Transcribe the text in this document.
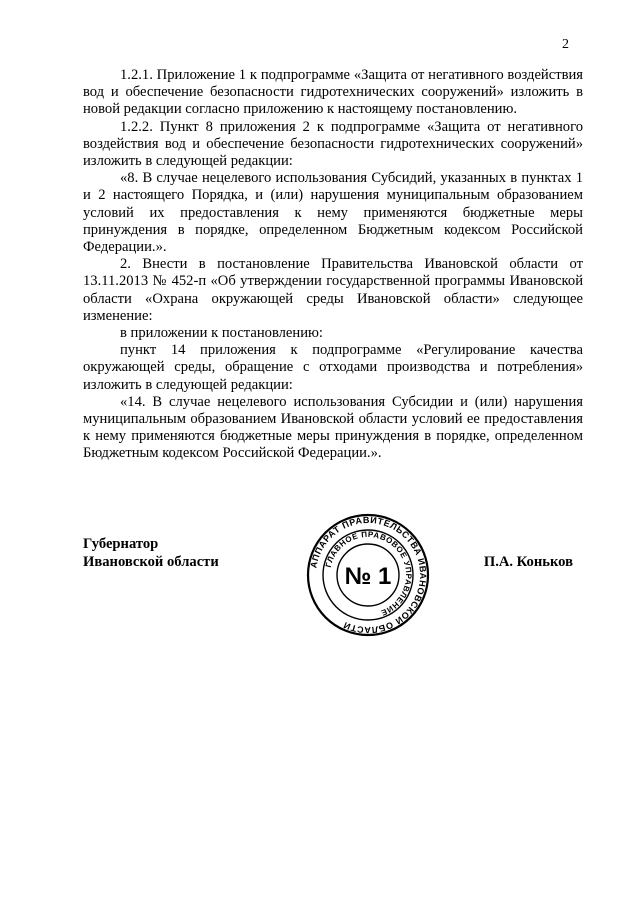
2

1.2.1. Приложение 1 к подпрограмме «Защита от негативного воздействия вод и обеспечение безопасности гидротехнических сооружений» изложить в новой редакции согласно приложению к настоящему постановлению.

1.2.2. Пункт 8 приложения 2 к подпрограмме «Защита от негативного воздействия вод и обеспечение безопасности гидротехнических сооружений» изложить в следующей редакции:

«8. В случае нецелевого использования Субсидий, указанных в пунктах 1 и 2 настоящего Порядка, и (или) нарушения муниципальным образованием условий их предоставления к нему применяются бюджетные меры принуждения в порядке, определенном Бюджетным кодексом Российской Федерации.».

2. Внести в постановление Правительства Ивановской области от 13.11.2013 № 452-п «Об утверждении государственной программы Ивановской области «Охрана окружающей среды Ивановской области» следующее изменение:

в приложении к постановлению:

пункт 14 приложения к подпрограмме «Регулирование качества окружающей среды, обращение с отходами производства и потребления» изложить в следующей редакции:

«14. В случае нецелевого использования Субсидии и (или) нарушения муниципальным образованием Ивановской области условий ее предоставления к нему применяются бюджетные меры принуждения в порядке, определенном Бюджетным кодексом Российской Федерации.».

Губернатор
Ивановской области	АППАРАТ ПРАВИТЕЛЬСТВА ИВАНОВСКОЙ ОБЛАСТИ
ГЛАВНОЕ ПРАВОВОЕ УПРАВЛЕНИЕ
№ 1
П.А. Коньков
